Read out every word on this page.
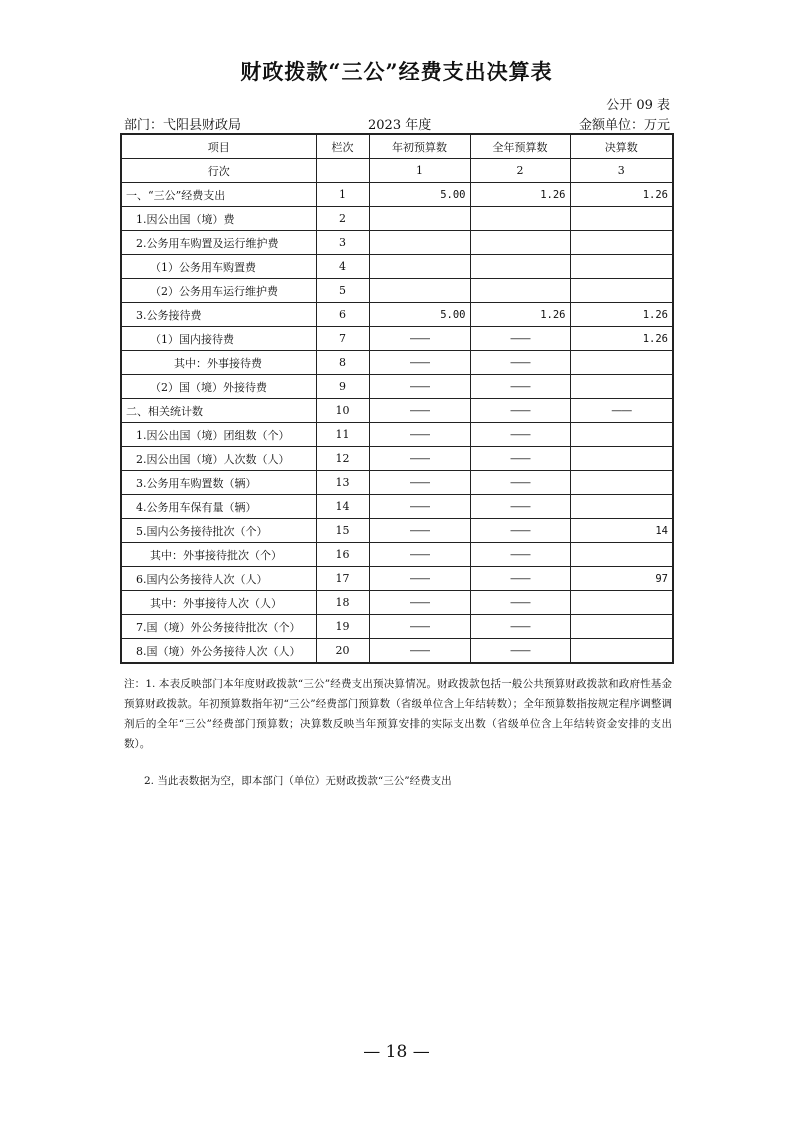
财政拨款“三公”经费支出决算表
公开 09 表
部门：弋阳县财政局	2023 年度	金额单位：万元
项目	栏次	年初预算数	全年预算数	决算数
行次		1	2	3
一、“三公”经费支出	1	5.00	1.26	1.26
1.因公出国（境）费	2			
2.公务用车购置及运行维护费	3			
（1）公务用车购置费	4			
（2）公务用车运行维护费	5			
3.公务接待费	6	5.00	1.26	1.26
（1）国内接待费	7	——	——	1.26
其中：外事接待费	8	——	——	
（2）国（境）外接待费	9	——	——	
二、相关统计数	10	——	——	——
1.因公出国（境）团组数（个）	11	——	——	
2.因公出国（境）人次数（人）	12	——	——	
3.公务用车购置数（辆）	13	——	——	
4.公务用车保有量（辆）	14	——	——	
5.国内公务接待批次（个）	15	——	——	14
其中：外事接待批次（个）	16	——	——	
6.国内公务接待人次（人）	17	——	——	97
其中：外事接待人次（人）	18	——	——	
7.国（境）外公务接待批次（个）	19	——	——	
8.国（境）外公务接待人次（人）	20	——	——	
注：1. 本表反映部门本年度财政拨款“三公”经费支出预决算情况。财政拨款包括一般公共预算财政拨款和政府性基金预算财政拨款。年初预算数指年初“三公”经费部门预算数（省级单位含上年结转数）；全年预算数指按规定程序调整调剂后的全年“三公”经费部门预算数；决算数反映当年预算安排的实际支出数（省级单位含上年结转资金安排的支出数）。
2. 当此表数据为空，即本部门（单位）无财政拨款“三公”经费支出
— 18 —
